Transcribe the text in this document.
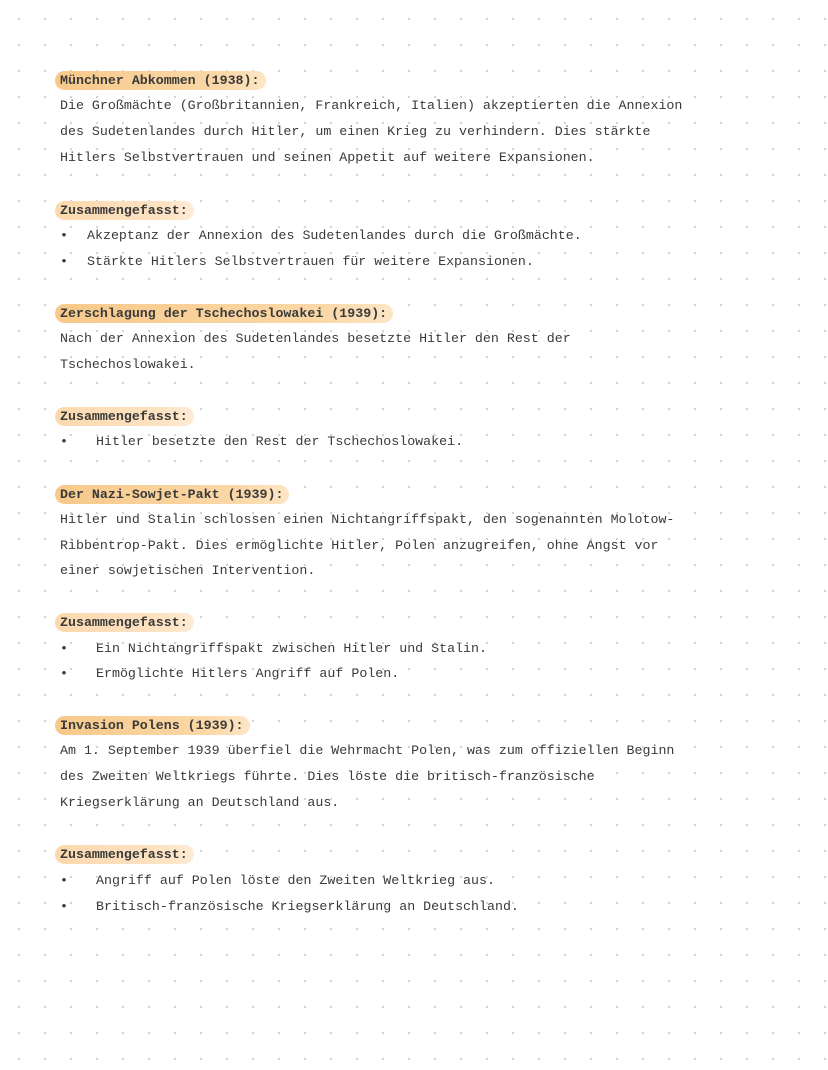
Münchner Abkommen (1938):
Die Großmächte (Großbritannien, Frankreich, Italien) akzeptierten die Annexion
des Sudetenlandes durch Hitler, um einen Krieg zu verhindern. Dies stärkte
Hitlers Selbstvertrauen und seinen Appetit auf weitere Expansionen.
Zusammengefasst:
• Akzeptanz der Annexion des Sudetenlandes durch die Großmächte.
• Stärkte Hitlers Selbstvertrauen für weitere Expansionen.
Zerschlagung der Tschechoslowakei (1939):
Nach der Annexion des Sudetenlandes besetzte Hitler den Rest der
Tschechoslowakei.
Zusammengefasst:
• Hitler besetzte den Rest der Tschechoslowakei.
Der Nazi-Sowjet-Pakt (1939):
Hitler und Stalin schlossen einen Nichtangriffspakt, den sogenannten Molotow-
Ribbentrop-Pakt. Dies ermöglichte Hitler, Polen anzugreifen, ohne Angst vor
einer sowjetischen Intervention.
Zusammengefasst:
• Ein Nichtangriffspakt zwischen Hitler und Stalin.
• Ermöglichte Hitlers Angriff auf Polen.
Invasion Polens (1939):
Am 1. September 1939 überfiel die Wehrmacht Polen, was zum offiziellen Beginn
des Zweiten Weltkriegs führte. Dies löste die britisch-französische
Kriegserklärung an Deutschland aus.
Zusammengefasst:
• Angriff auf Polen löste den Zweiten Weltkrieg aus.
• Britisch-französische Kriegserklärung an Deutschland.
